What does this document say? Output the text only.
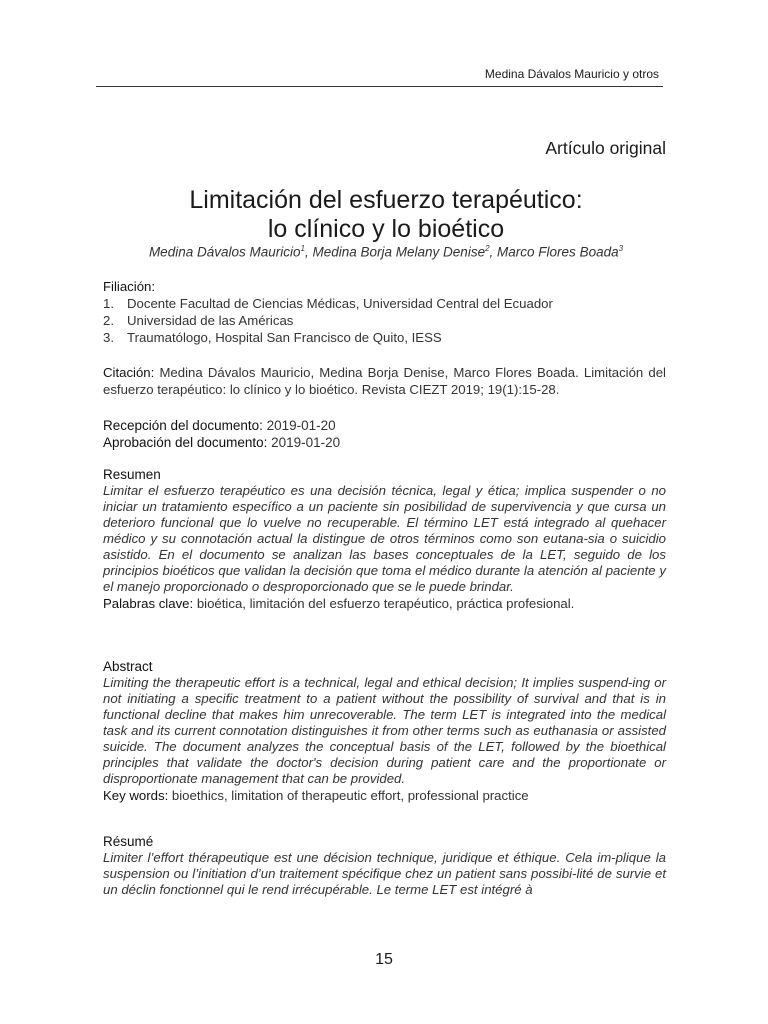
Medina Dávalos Mauricio y otros
Artículo original
Limitación del esfuerzo terapéutico:
lo clínico y lo bioético
Medina Dávalos Mauricio$^1$, Medina Borja Melany Denise$^2$, Marco Flores Boada$^3$
Filiación:
1. Docente Facultad de Ciencias Médicas, Universidad Central del Ecuador
2. Universidad de las Américas
3. Traumatólogo, Hospital San Francisco de Quito, IESS
Citación: Medina Dávalos Mauricio, Medina Borja Denise, Marco Flores Boada. Limitación del esfuerzo terapéutico: lo clínico y lo bioético. Revista CIEZT 2019; 19(1):15-28.
Recepción del documento: 2019-01-20
Aprobación del documento: 2019-01-20
Resumen
Limitar el esfuerzo terapéutico es una decisión técnica, legal y ética; implica suspender o no iniciar un tratamiento específico a un paciente sin posibilidad de supervivencia y que cursa un deterioro funcional que lo vuelve no recuperable. El término LET está integrado al quehacer médico y su connotación actual la distingue de otros términos como son eutana-sia o suicidio asistido. En el documento se analizan las bases conceptuales de la LET, seguido de los principios bioéticos que validan la decisión que toma el médico durante la atención al paciente y el manejo proporcionado o desproporcionado que se le puede brindar.
Palabras clave: bioética, limitación del esfuerzo terapéutico, práctica profesional.
Abstract
Limiting the therapeutic effort is a technical, legal and ethical decision; It implies suspend-ing or not initiating a specific treatment to a patient without the possibility of survival and that is in functional decline that makes him unrecoverable. The term LET is integrated into the medical task and its current connotation distinguishes it from other terms such as euthanasia or assisted suicide. The document analyzes the conceptual basis of the LET, followed by the bioethical principles that validate the doctor's decision during patient care and the proportionate or disproportionate management that can be provided.
Key words: bioethics, limitation of therapeutic effort, professional practice
Résumé
Limiter l’effort thérapeutique est une décision technique, juridique et éthique. Cela im-plique la suspension ou l’initiation d’un traitement spécifique chez un patient sans possibi-lité de survie et un déclin fonctionnel qui le rend irrécupérable. Le terme LET est intégré à
15
